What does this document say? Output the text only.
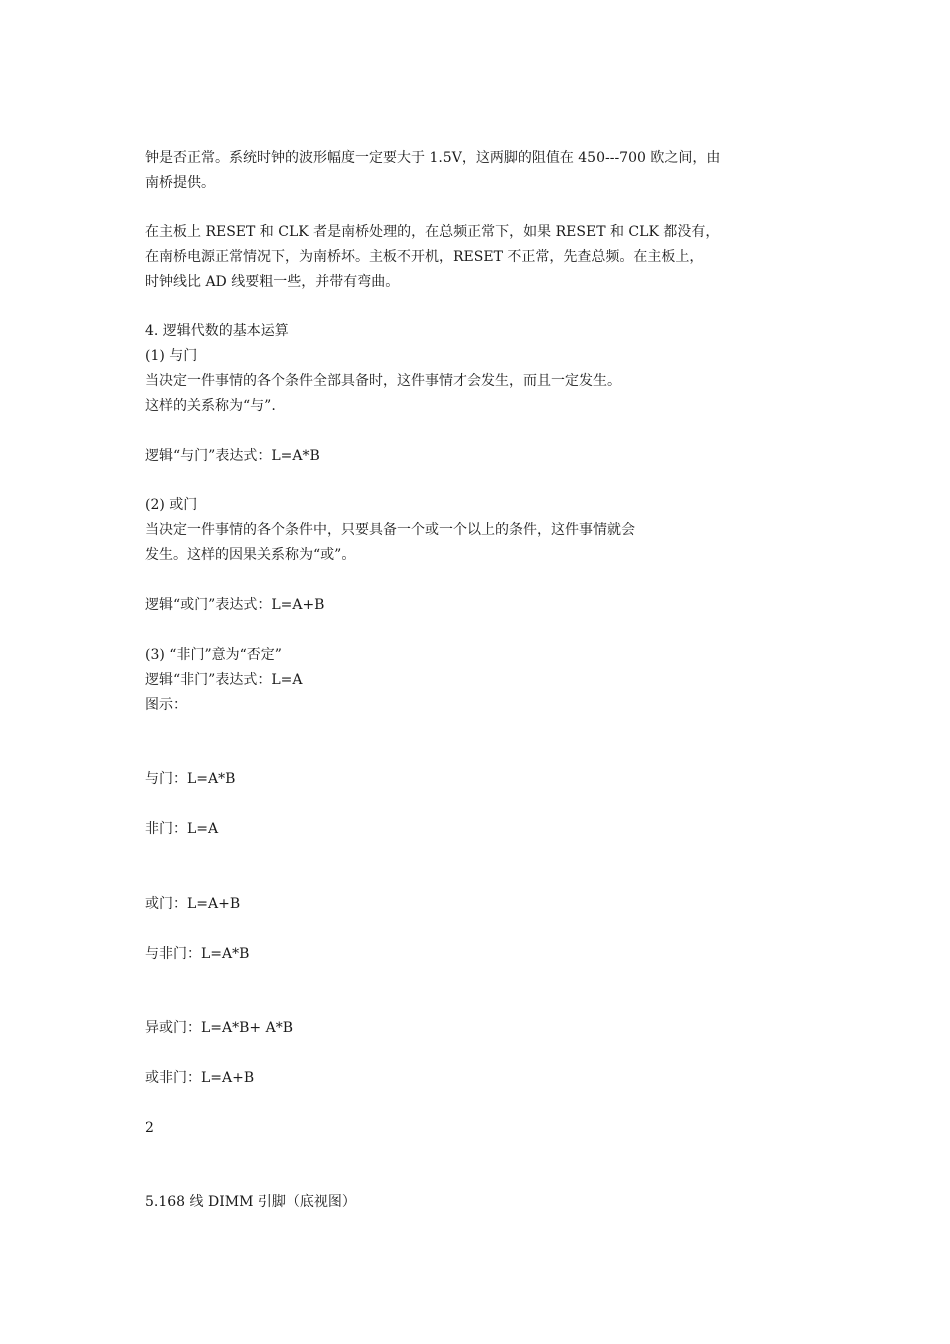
钟是否正常。系统时钟的波形幅度一定要大于 1.5V，这两脚的阻值在 450---700 欧之间，由
南桥提供。
在主板上 RESET 和 CLK 者是南桥处理的，在总频正常下，如果 RESET 和 CLK 都没有，
在南桥电源正常情况下，为南桥坏。主板不开机，RESET 不正常，先查总频。在主板上，
时钟线比 AD 线要粗一些，并带有弯曲。
4. 逻辑代数的基本运算
(1) 与门
当决定一件事情的各个条件全部具备时，这件事情才会发生，而且一定发生。
这样的关系称为“与”.
逻辑“与门”表达式：L=A*B
(2) 或门
当决定一件事情的各个条件中，只要具备一个或一个以上的条件，这件事情就会
发生。这样的因果关系称为“或”。
逻辑“或门”表达式：L=A+B
(3) “非门”意为“否定”
逻辑“非门”表达式：L=A
图示：
与门：L=A*B
非门：L=A
或门：L=A+B
与非门：L=A*B
异或门：L=A*B+ A*B
或非门：L=A+B
2
5.168 线 DIMM 引脚（底视图）
